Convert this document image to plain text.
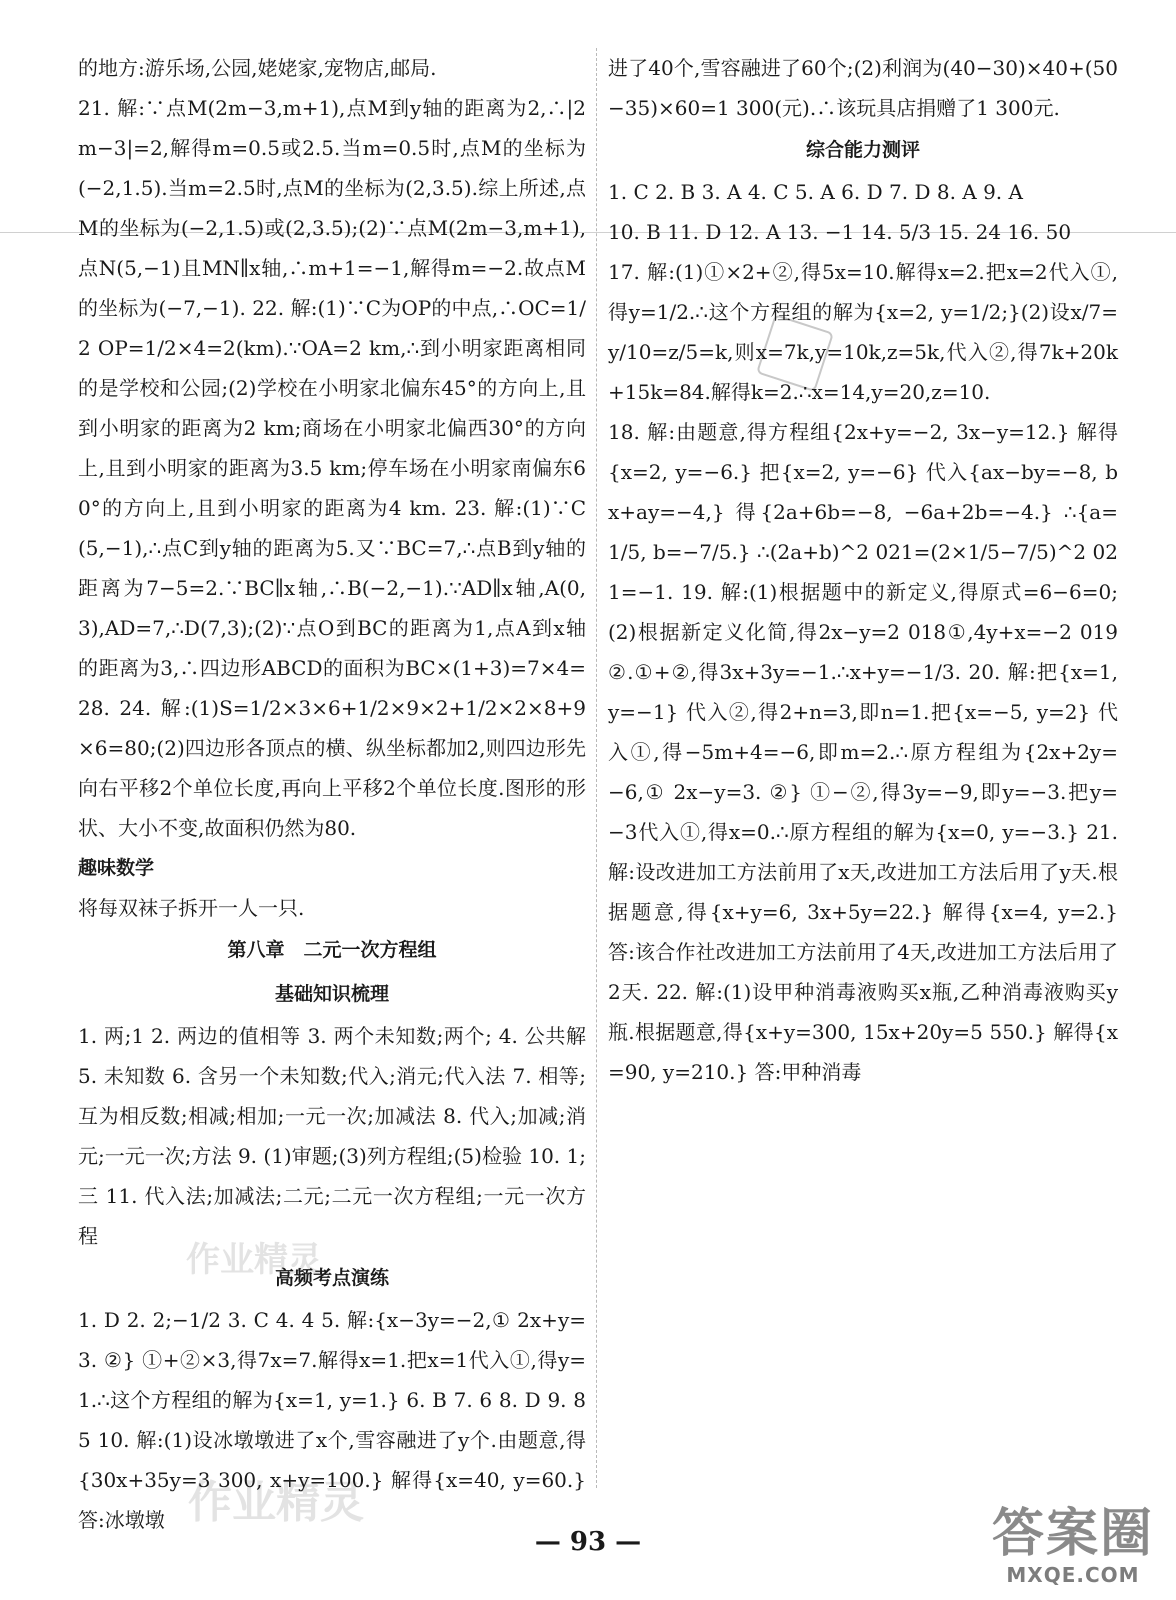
作业精灵
作业精灵

的地方:游乐场,公园,姥姥家,宠物店,邮局.

21. 解:∵点M(2m−3,m+1),点M到y轴的距离为2,∴|2m−3|=2,解得m=0.5或2.5.当m=0.5时,点M的坐标为(−2,1.5).当m=2.5时,点M的坐标为(2,3.5).综上所述,点M的坐标为(−2,1.5)或(2,3.5);(2)∵点M(2m−3,m+1),点N(5,−1)且MN∥x轴,∴m+1=−1,解得m=−2.故点M的坐标为(−7,−1). 22. 解:(1)∵C为OP的中点,∴OC=1/2 OP=1/2×4=2(km).∵OA=2 km,∴到小明家距离相同的是学校和公园;(2)学校在小明家北偏东45°的方向上,且到小明家的距离为2 km;商场在小明家北偏西30°的方向上,且到小明家的距离为3.5 km;停车场在小明家南偏东60°的方向上,且到小明家的距离为4 km. 23. 解:(1)∵C(5,−1),∴点C到y轴的距离为5.又∵BC=7,∴点B到y轴的距离为7−5=2.∵BC∥x轴,∴B(−2,−1).∵AD∥x轴,A(0,3),AD=7,∴D(7,3);(2)∵点O到BC的距离为1,点A到x轴的距离为3,∴四边形ABCD的面积为BC×(1+3)=7×4=28. 24. 解:(1)S=1/2×3×6+1/2×9×2+1/2×2×8+9×6=80;(2)四边形各顶点的横、纵坐标都加2,则四边形先向右平移2个单位长度,再向上平移2个单位长度.图形的形状、大小不变,故面积仍然为80.

趣味数学

将每双袜子拆开一人一只.

第八章　二元一次方程组

基础知识梳理

1. 两;1 2. 两边的值相等 3. 两个未知数;两个; 4. 公共解 5. 未知数 6. 含另一个未知数;代入;消元;代入法 7. 相等;互为相反数;相减;相加;一元一次;加减法 8. 代入;加减;消元;一元一次;方法 9. (1)审题;(3)列方程组;(5)检验 10. 1;三 11. 代入法;加减法;二元;二元一次方程组;一元一次方程

高频考点演练

1. D 2. 2;−1/2 3. C 4. 4 5. 解:{x−3y=−2,① 2x+y=3. ②} ①+②×3,得7x=7.解得x=1.把x=1代入①,得y=1.∴这个方程组的解为{x=1, y=1.} 6. B 7. 6 8. D 9. 85 10. 解:(1)设冰墩墩进了x个,雪容融进了y个.由题意,得{30x+35y=3 300, x+y=100.} 解得{x=40, y=60.} 答:冰墩墩

进了40个,雪容融进了60个;(2)利润为(40−30)×40+(50−35)×60=1 300(元).∴该玩具店捐赠了1 300元.

综合能力测评

1. C 2. B 3. A 4. C 5. A 6. D 7. D 8. A 9. A

10. B 11. D 12. A 13. −1 14. 5/3 15. 24 16. 50

17. 解:(1)①×2+②,得5x=10.解得x=2.把x=2代入①,得y=1/2.∴这个方程组的解为{x=2, y=1/2;}(2)设x/7=y/10=z/5=k,则x=7k,y=10k,z=5k,代入②,得7k+20k+15k=84.解得k=2.∴x=14,y=20,z=10.

18. 解:由题意,得方程组{2x+y=−2, 3x−y=12.} 解得{x=2, y=−6.} 把{x=2, y=−6} 代入{ax−by=−8, bx+ay=−4,} 得{2a+6b=−8, −6a+2b=−4.} ∴{a=1/5, b=−7/5.} ∴(2a+b)^2 021=(2×1/5−7/5)^2 021=−1. 19. 解:(1)根据题中的新定义,得原式=6−6=0;(2)根据新定义化简,得2x−y=2 018①,4y+x=−2 019②.①+②,得3x+3y=−1.∴x+y=−1/3. 20. 解:把{x=1, y=−1} 代入②,得2+n=3,即n=1.把{x=−5, y=2} 代入①,得−5m+4=−6,即m=2.∴原方程组为{2x+2y=−6,① 2x−y=3. ②} ①−②,得3y=−9,即y=−3.把y=−3代入①,得x=0.∴原方程组的解为{x=0, y=−3.} 21. 解:设改进加工方法前用了x天,改进加工方法后用了y天.根据题意,得{x+y=6, 3x+5y=22.} 解得{x=4, y=2.} 答:该合作社改进加工方法前用了4天,改进加工方法后用了2天. 22. 解:(1)设甲种消毒液购买x瓶,乙种消毒液购买y瓶.根据题意,得{x+y=300, 15x+20y=5 550.} 解得{x=90, y=210.} 答:甲种消毒

— 93 —	答案圈
MXQE.COM
